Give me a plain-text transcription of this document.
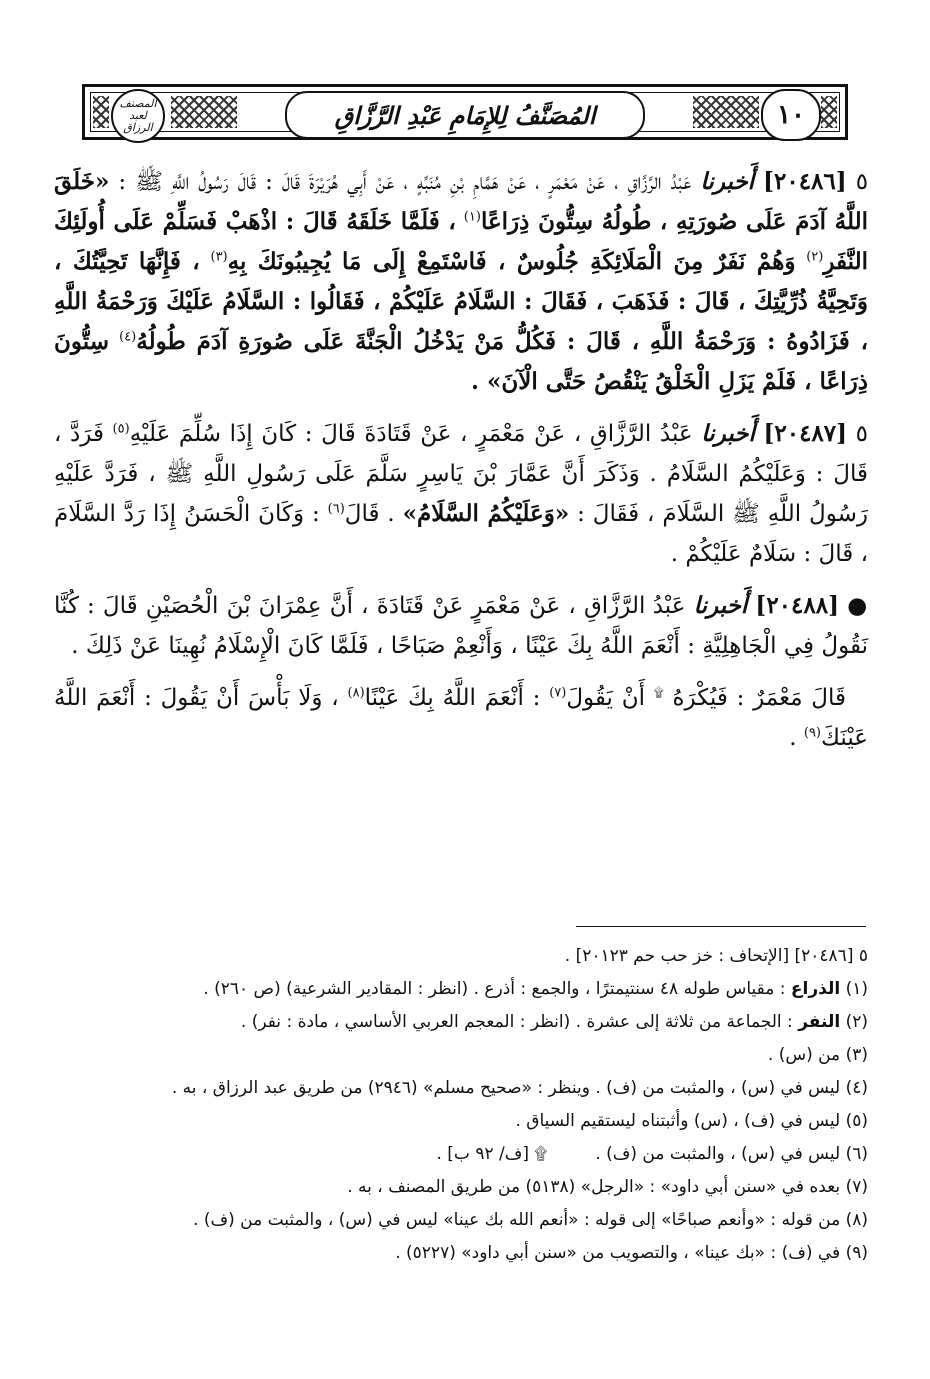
المصنف لعبد الرزاق	المُصَنَّفُ لِلإِمَامِ عَبْدِ الرَّزَّاقِ	١٠

٥ [٢٠٤٨٦] أَخبرنا عَبْدُ الرَّزَّاقِ ، عَنْ مَعْمَرٍ ، عَنْ هَمَّامِ بْنِ مُنَبِّهٍ ، عَنْ أَبِي هُرَيْرَةَ قَالَ : قَالَ رَسُولُ اللَّهِ ﷺ : «خَلَقَ اللَّهُ آدَمَ عَلَى صُورَتِهِ ، طُولُهُ سِتُّونَ ذِرَاعًا$^{(١)}$ ، فَلَمَّا خَلَقَهُ قَالَ : اذْهَبْ فَسَلِّمْ عَلَى أُولَئِكَ النَّفَرِ$^{(٢)}$ وَهُمْ نَفَرٌ مِنَ الْمَلَائِكَةِ جُلُوسٌ ، فَاسْتَمِعْ إِلَى مَا يُجِيبُونَكَ بِهِ$^{(٣)}$ ، فَإِنَّهَا تَحِيَّتُكَ ، وَتَحِيَّةُ ذُرِّيَّتِكَ ، قَالَ : فَذَهَبَ ، فَقَالَ : السَّلَامُ عَلَيْكُمْ ، فَقَالُوا : السَّلَامُ عَلَيْكَ وَرَحْمَةُ اللَّهِ ، فَزَادُوهُ : وَرَحْمَةُ اللَّهِ ، قَالَ : فَكُلُّ مَنْ يَدْخُلُ الْجَنَّةَ عَلَى صُورَةِ آدَمَ طُولُهُ$^{(٤)}$ سِتُّونَ ذِرَاعًا ، فَلَمْ يَزَلِ الْخَلْقُ يَنْقُصُ حَتَّى الْآنَ» .

٥ [٢٠٤٨٧] أَخبرنا عَبْدُ الرَّزَّاقِ ، عَنْ مَعْمَرٍ ، عَنْ قَتَادَةَ قَالَ : كَانَ إِذَا سُلِّمَ عَلَيْهِ$^{(٥)}$ فَرَدَّ ، قَالَ : وَعَلَيْكُمُ السَّلَامُ . وَذَكَرَ أَنَّ عَمَّارَ بْنَ يَاسِرٍ سَلَّمَ عَلَى رَسُولِ اللَّهِ ﷺ ، فَرَدَّ عَلَيْهِ رَسُولُ اللَّهِ ﷺ السَّلَامَ ، فَقَالَ : «وَعَلَيْكُمُ السَّلَامُ» . قَالَ$^{(٦)}$ : وَكَانَ الْحَسَنُ إِذَا رَدَّ السَّلَامَ ، قَالَ : سَلَامٌ عَلَيْكُمْ .

● [٢٠٤٨٨] أَخبرنا عَبْدُ الرَّزَّاقِ ، عَنْ مَعْمَرٍ عَنْ قَتَادَةَ ، أَنَّ عِمْرَانَ بْنَ الْحُصَيْنِ قَالَ : كُنَّا نَقُولُ فِي الْجَاهِلِيَّةِ : أَنْعَمَ اللَّهُ بِكَ عَيْنًا ، وَأَنْعِمْ صَبَاحًا ، فَلَمَّا كَانَ الْإِسْلَامُ نُهِينَا عَنْ ذَلِكَ .

قَالَ مَعْمَرٌ : فَيُكْرَهُ ۩ أَنْ يَقُولَ$^{(٧)}$ : أَنْعَمَ اللَّهُ بِكَ عَيْنًا$^{(٨)}$ ، وَلَا بَأْسَ أَنْ يَقُولَ : أَنْعَمَ اللَّهُ عَيْنَكَ$^{(٩)}$ .

٥ [٢٠٤٨٦] [الإتحاف : خز حب حم ٢٠١٢٣] .

(١) الذراع : مقياس طوله ٤٨ سنتيمترًا ، والجمع : أذرع . (انظر : المقادير الشرعية) (ص ٢٦٠) .

(٢) النفر : الجماعة من ثلاثة إلى عشرة . (انظر : المعجم العربي الأساسي ، مادة : نفر) .

(٣) من (س) .

(٤) ليس في (س) ، والمثبت من (ف) . وينظر : «صحيح مسلم» (٢٩٤٦) من طريق عبد الرزاق ، به .

(٥) ليس في (ف) ، (س) وأثبتناه ليستقيم السياق .

(٦) ليس في (س) ، والمثبت من (ف) .
۩ [ف/ ٩٢ ب] .

(٧) بعده في «سنن أبي داود» : «الرجل» (٥١٣٨) من طريق المصنف ، به .

(٨) من قوله : «وأنعم صباحًا» إلى قوله : «أنعم الله بك عينا» ليس في (س) ، والمثبت من (ف) .

(٩) في (ف) : «بك عينا» ، والتصويب من «سنن أبي داود» (٥٢٢٧) .
